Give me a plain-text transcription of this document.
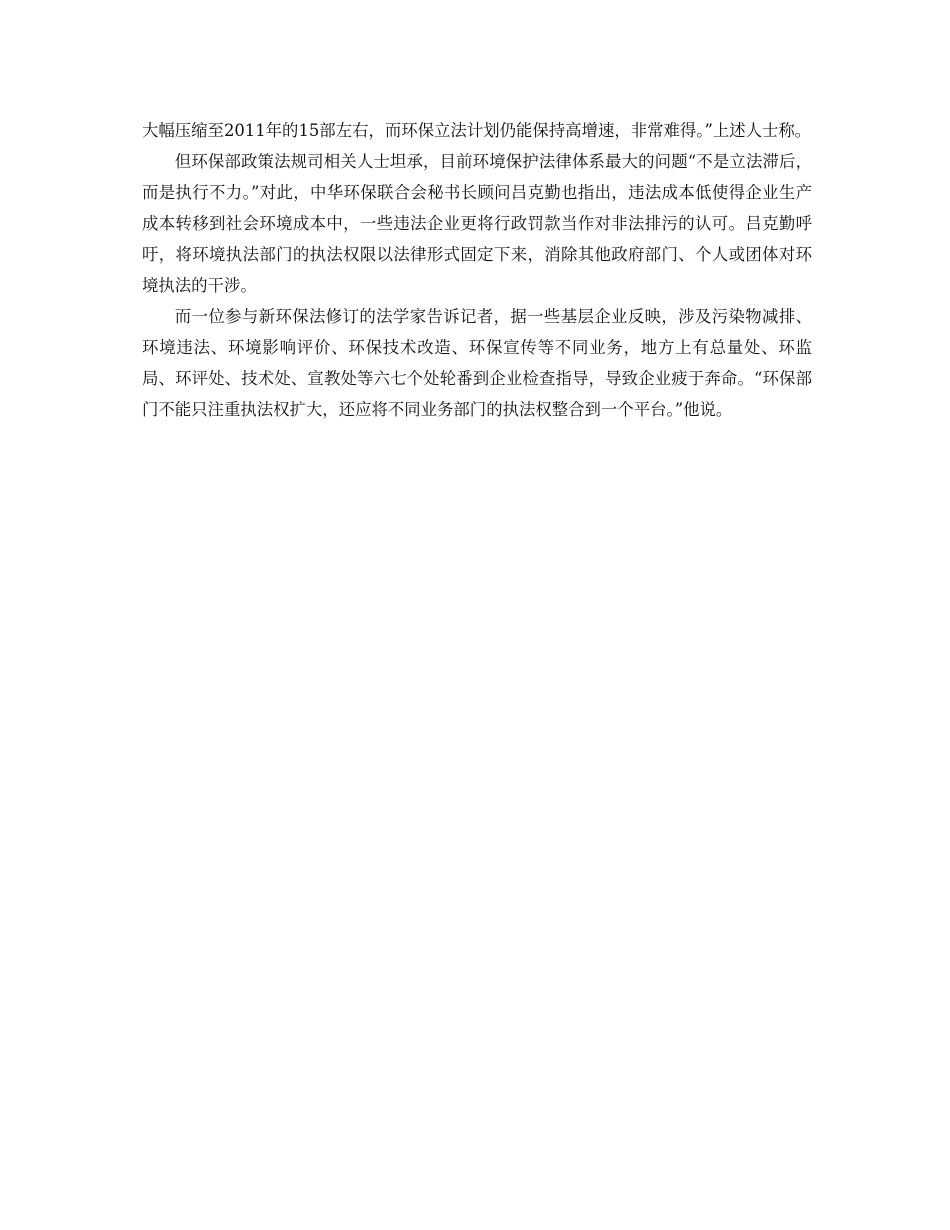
大幅压缩至2011年的15部左右，而环保立法计划仍能保持高增速，非常难得。”上述人士称。

但环保部政策法规司相关人士坦承，目前环境保护法律体系最大的问题“不是立法滞后，而是执行不力。”对此，中华环保联合会秘书长顾问吕克勤也指出，违法成本低使得企业生产成本转移到社会环境成本中，一些违法企业更将行政罚款当作对非法排污的认可。吕克勤呼吁，将环境执法部门的执法权限以法律形式固定下来，消除其他政府部门、个人或团体对环境执法的干涉。

而一位参与新环保法修订的法学家告诉记者，据一些基层企业反映，涉及污染物减排、环境违法、环境影响评价、环保技术改造、环保宣传等不同业务，地方上有总量处、环监局、环评处、技术处、宣教处等六七个处轮番到企业检查指导，导致企业疲于奔命。“环保部门不能只注重执法权扩大，还应将不同业务部门的执法权整合到一个平台。”他说。
